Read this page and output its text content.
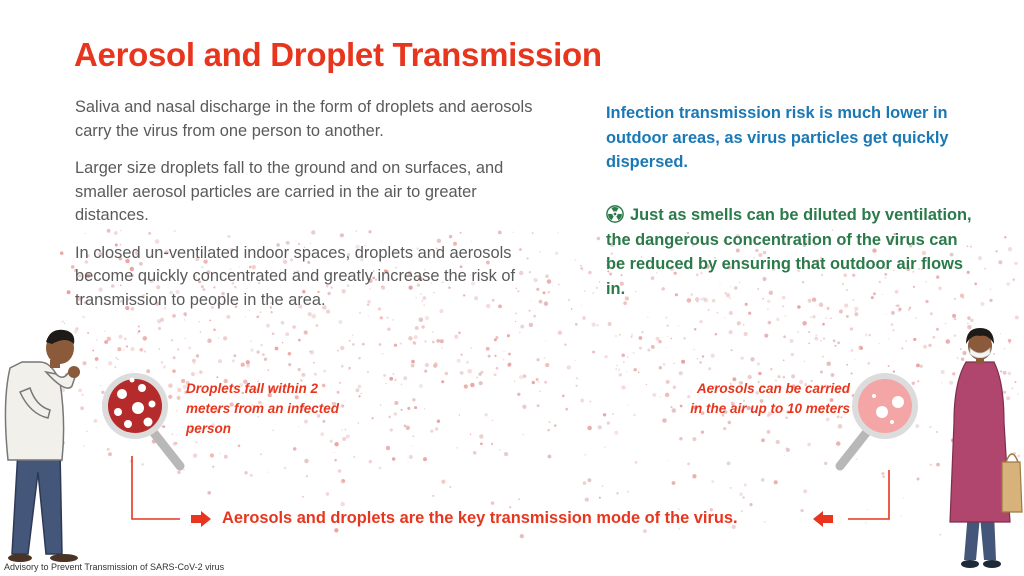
Aerosol and Droplet Transmission

Saliva and nasal discharge in the form of droplets and aerosols carry the virus from one person to another.

Larger size droplets fall to the ground and on surfaces, and smaller aerosol particles are carried in the air to greater distances.

In closed un-ventilated indoor spaces, droplets and aerosols become quickly concentrated and greatly increase the risk of transmission to people in the area.

Infection transmission risk is much lower in outdoor areas, as virus particles get quickly dispersed.
Just as smells can be diluted by ventilation, the dangerous concentration of the virus can be reduced by ensuring that outdoor air flows in.
Droplets fall within 2 meters from an infected person
Aerosols can be carried in the air up to 10 meters
Aerosols and droplets are the key transmission mode of the virus.
Advisory to Prevent Transmission of SARS-CoV-2 virus
